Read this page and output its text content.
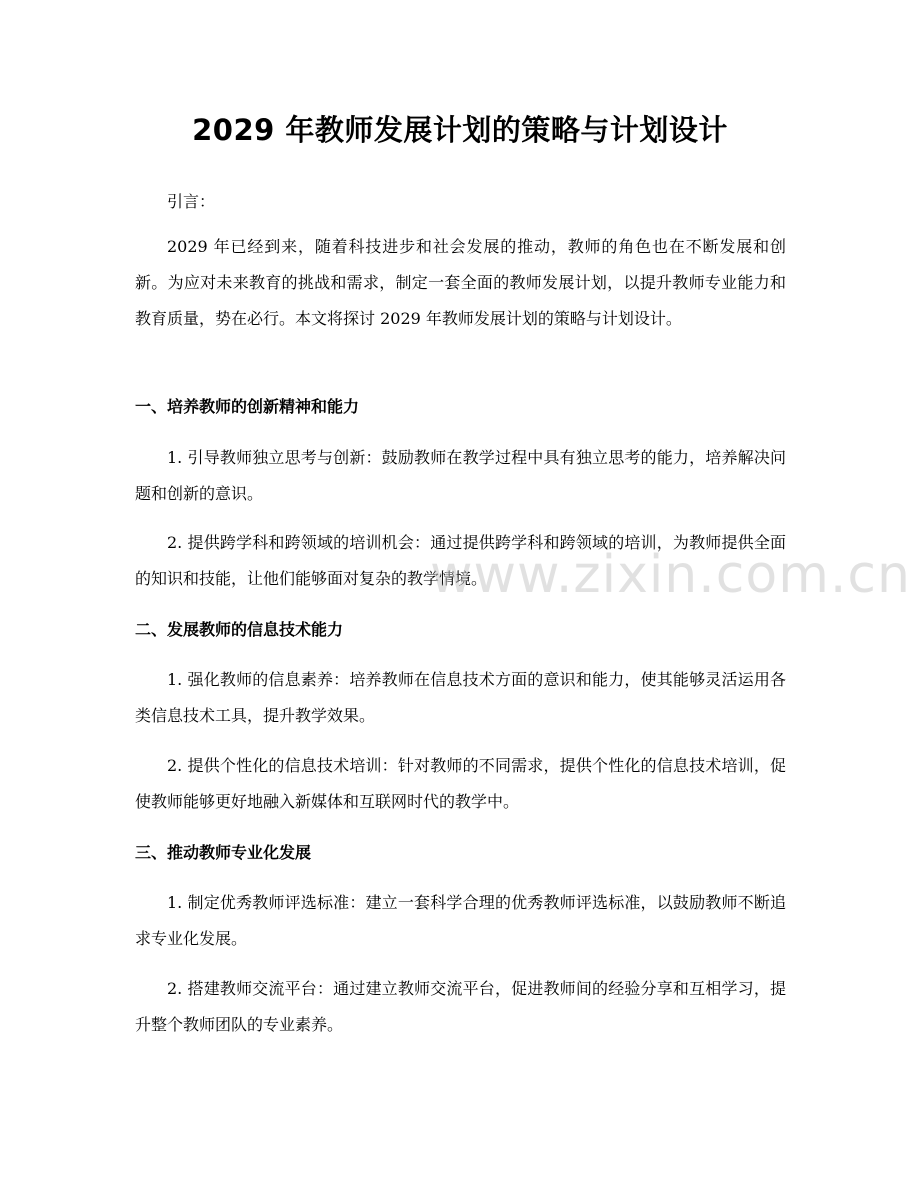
2029 年教师发展计划的策略与计划设计

引言：

2029 年已经到来，随着科技进步和社会发展的推动，教师的角色也在不断发展和创新。为应对未来教育的挑战和需求，制定一套全面的教师发展计划，以提升教师专业能力和教育质量，势在必行。本文将探讨 2029 年教师发展计划的策略与计划设计。

一、培养教师的创新精神和能力

1. 引导教师独立思考与创新：鼓励教师在教学过程中具有独立思考的能力，培养解决问题和创新的意识。

2. 提供跨学科和跨领域的培训机会：通过提供跨学科和跨领域的培训，为教师提供全面的知识和技能，让他们能够面对复杂的教学情境。

二、发展教师的信息技术能力

1. 强化教师的信息素养：培养教师在信息技术方面的意识和能力，使其能够灵活运用各类信息技术工具，提升教学效果。

2. 提供个性化的信息技术培训：针对教师的不同需求，提供个性化的信息技术培训，促使教师能够更好地融入新媒体和互联网时代的教学中。

三、推动教师专业化发展

1. 制定优秀教师评选标准：建立一套科学合理的优秀教师评选标准，以鼓励教师不断追求专业化发展。

2. 搭建教师交流平台：通过建立教师交流平台，促进教师间的经验分享和互相学习，提升整个教师团队的专业素养。

www.zixin.com.cn
